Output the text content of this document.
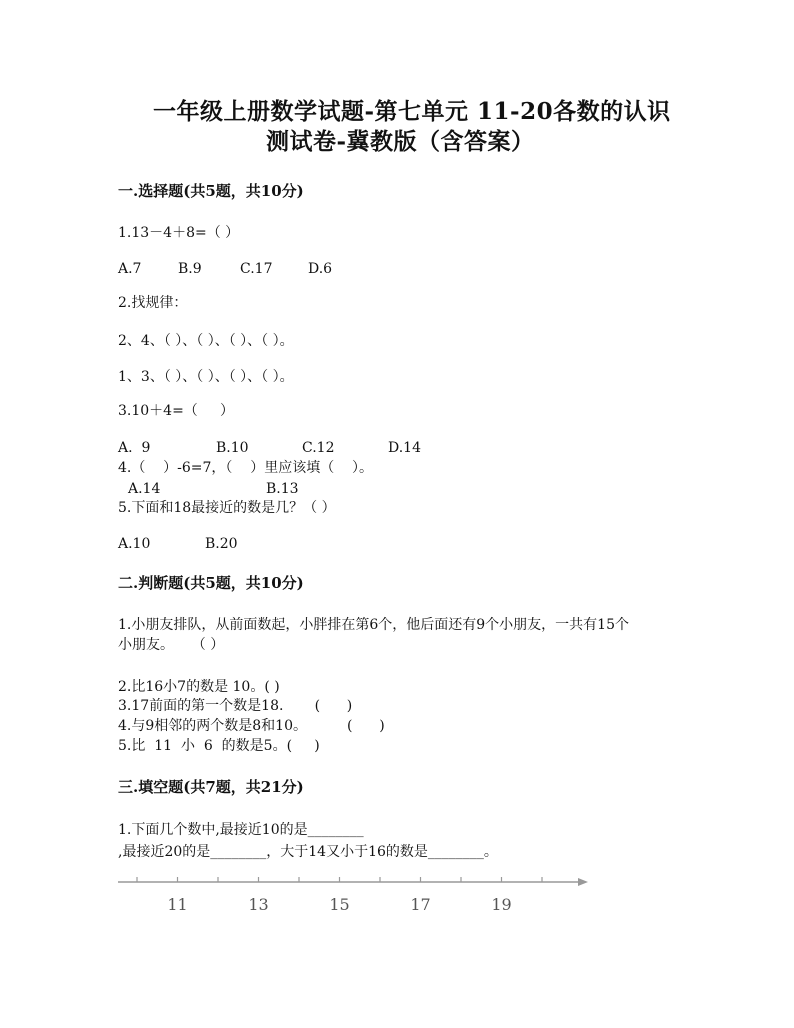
一年级上册数学试题-第七单元 11-20各数的认识
测试卷-冀教版（含答案）
一.选择题(共5题，共10分)
1.13－4＋8=（ ）
A.7	B.9	C.17	D.6
2.找规律：
2、4、（ ）、（ ）、（ ）、（ ）。
1、3、（ ）、（ ）、（ ）、（ ）。
3.10＋4=（     ）
A.  9	B.10	C.12	D.14
4.（    ）-6=7，（    ）里应该填（    ）。
A.14	B.13
5.下面和18最接近的数是几？（ ）
A.10	B.20
二.判断题(共5题，共10分)
1.小朋友排队，从前面数起，小胖排在第6个，他后面还有9个小朋友，一共有15个
小朋友。    （ ）
2.比16小7的数是 10。( )
3.17前面的第一个数是18.       (      )
4.与9相邻的两个数是8和10。         (      )
5.比  11  小  6  的数是5。(     )
三.填空题(共7题，共21分)
1.下面几个数中,最接近10的是________
,最接近20的是________，大于14又小于16的数是________。
11	13	15	17	19
